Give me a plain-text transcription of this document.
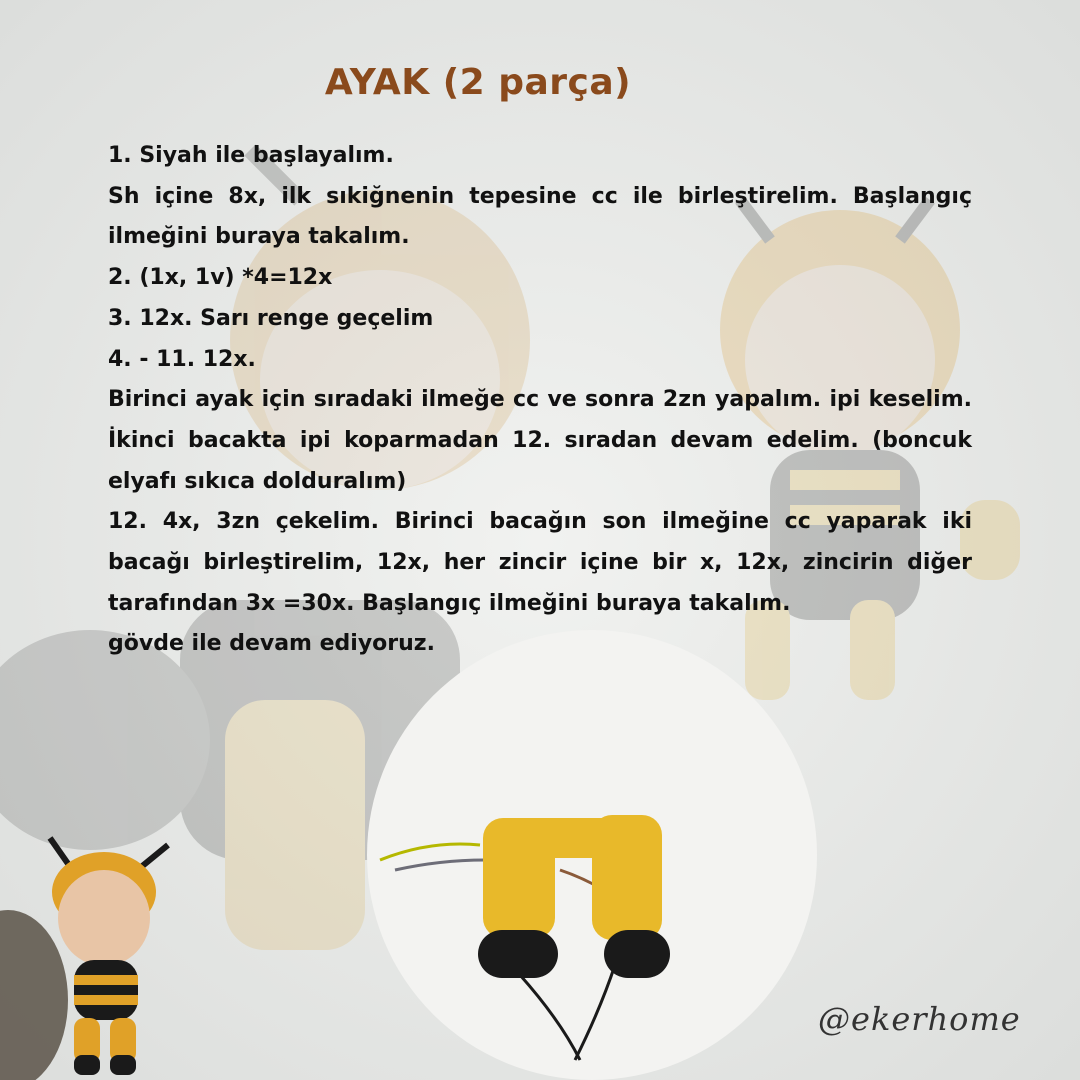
AYAK (2 parça)

1. Siyah ile başlayalım.

Sh içine 8x, ilk sıkiğnenin tepesine cc ile birleştirelim. Başlangıç ilmeğini buraya takalım.

2. (1x, 1v) *4=12x

3. 12x. Sarı renge geçelim

4. - 11. 12x.

Birinci ayak için sıradaki ilmeğe cc ve sonra 2zn yapalım. ipi keselim. İkinci bacakta ipi koparmadan 12. sıradan devam edelim. (boncuk elyafı sıkıca dolduralım)

12. 4x, 3zn çekelim. Birinci bacağın son ilmeğine cc yaparak iki bacağı birleştirelim, 12x, her zincir içine bir x, 12x, zincirin diğer tarafından 3x =30x. Başlangıç ilmeğini buraya takalım.

gövde ile devam ediyoruz.

@ekerhome
